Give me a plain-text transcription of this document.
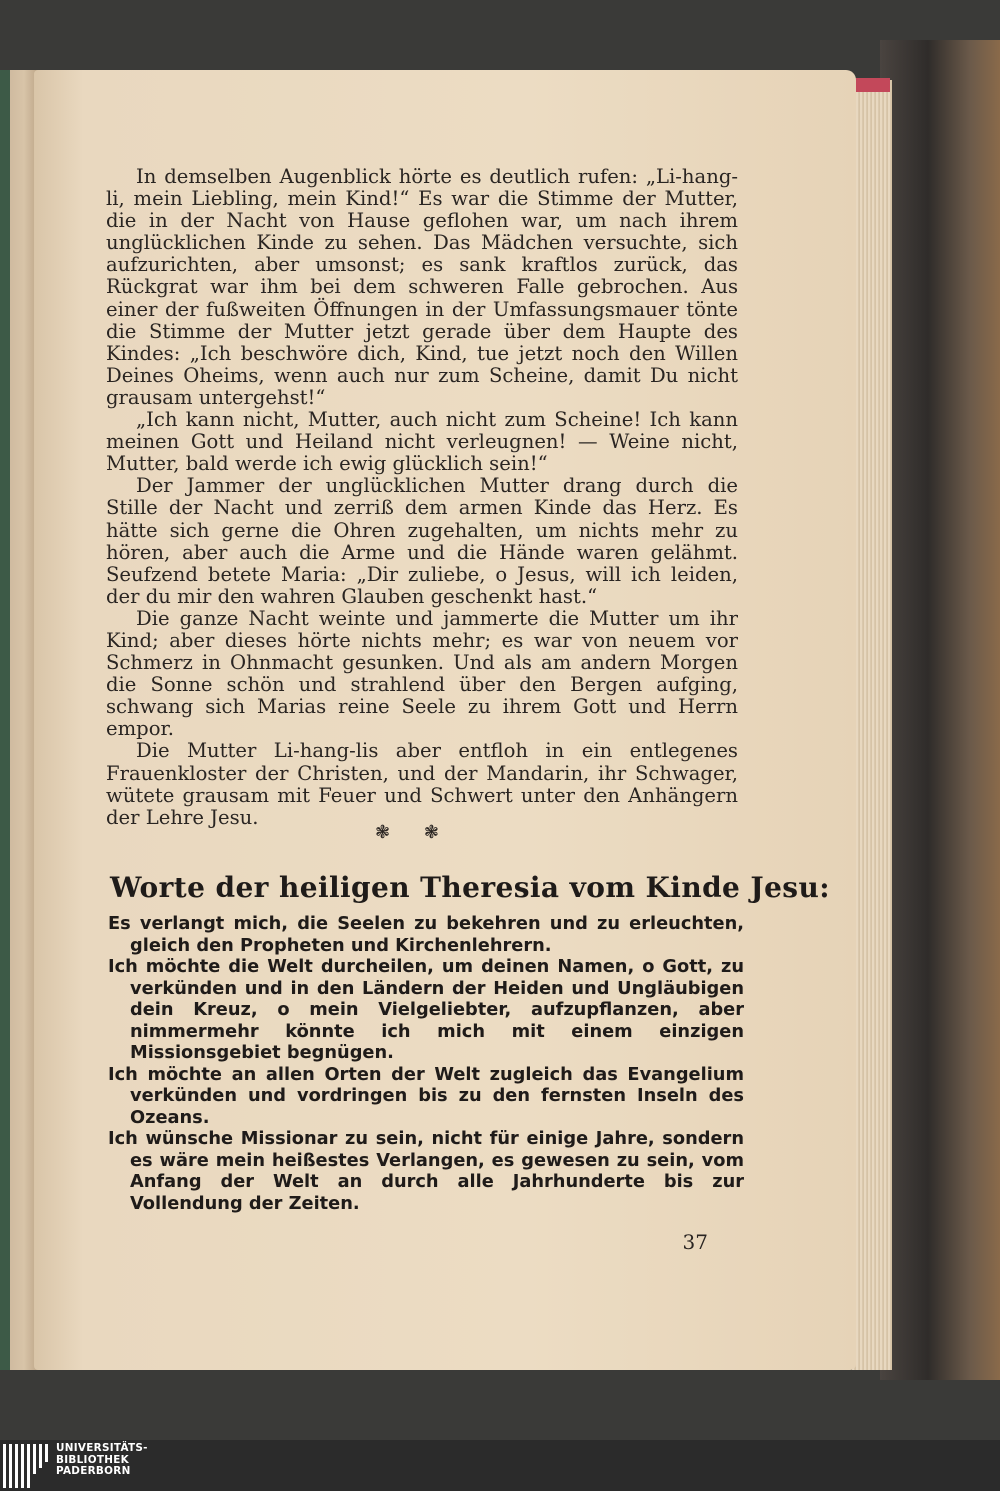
In demselben Augenblick hörte es deutlich rufen: „Li-hang-li, mein Liebling, mein Kind!“ Es war die Stimme der Mutter, die in der Nacht von Hause geflohen war, um nach ihrem unglücklichen Kinde zu sehen. Das Mädchen versuchte, sich aufzurichten, aber umsonst; es sank kraftlos zurück, das Rückgrat war ihm bei dem schweren Falle gebrochen. Aus einer der fußweiten Öffnungen in der Umfassungsmauer tönte die Stimme der Mutter jetzt gerade über dem Haupte des Kindes: „Ich beschwöre dich, Kind, tue jetzt noch den Willen Deines Oheims, wenn auch nur zum Scheine, damit Du nicht grausam untergehst!“

„Ich kann nicht, Mutter, auch nicht zum Scheine! Ich kann meinen Gott und Heiland nicht verleugnen! — Weine nicht, Mutter, bald werde ich ewig glücklich sein!“

Der Jammer der unglücklichen Mutter drang durch die Stille der Nacht und zerriß dem armen Kinde das Herz. Es hätte sich gerne die Ohren zugehalten, um nichts mehr zu hören, aber auch die Arme und die Hände waren gelähmt. Seufzend betete Maria: „Dir zuliebe, o Jesus, will ich leiden, der du mir den wahren Glauben geschenkt hast.“

Die ganze Nacht weinte und jammerte die Mutter um ihr Kind; aber dieses hörte nichts mehr; es war von neuem vor Schmerz in Ohnmacht gesunken. Und als am andern Morgen die Sonne schön und strahlend über den Bergen aufging, schwang sich Marias reine Seele zu ihrem Gott und Herrn empor.

Die Mutter Li-hang-lis aber entfloh in ein entlegenes Frauenkloster der Christen, und der Mandarin, ihr Schwager, wütete grausam mit Feuer und Schwert unter den Anhängern der Lehre Jesu.

❃ ❃
Worte der heiligen Theresia vom Kinde Jesu:

Es verlangt mich, die Seelen zu bekehren und zu erleuchten, gleich den Propheten und Kirchenlehrern.

Ich möchte die Welt durcheilen, um deinen Namen, o Gott, zu verkünden und in den Ländern der Heiden und Ungläubigen dein Kreuz, o mein Vielgeliebter, aufzupflanzen, aber nimmermehr könnte ich mich mit einem einzigen Missionsgebiet begnügen.

Ich möchte an allen Orten der Welt zugleich das Evangelium verkünden und vordringen bis zu den fernsten Inseln des Ozeans.

Ich wünsche Missionar zu sein, nicht für einige Jahre, sondern es wäre mein heißestes Verlangen, es gewesen zu sein, vom Anfang der Welt an durch alle Jahrhunderte bis zur Vollendung der Zeiten.

37
UNIVERSITÄTS-
BIBLIOTHEK
PADERBORN
